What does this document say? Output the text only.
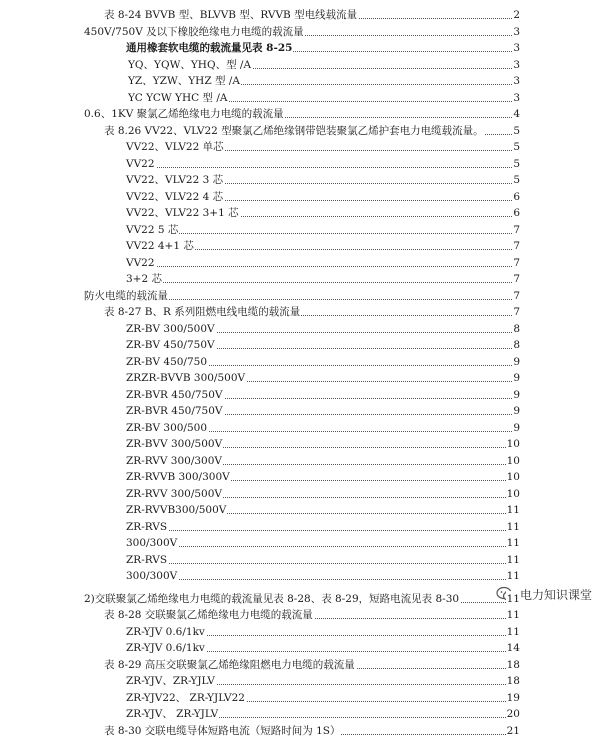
表 8-24 BVVB 型、BLVVB 型、RVVB 型电线载流量	2
450V/750V 及以下橡胶绝缘电力电缆的载流量	3
通用橡套软电缆的载流量见表 8-25	3
YQ、YQW、YHQ、型 /A	3
YZ、YZW、YHZ 型 /A	3
YC YCW YHC 型 /A	3
0.6、1KV 聚氯乙烯绝缘电力电缆的载流量	4
表 8.26 VV22、VLV22 型聚氯乙烯绝缘钢带铠装聚氯乙烯护套电力电缆载流量。	5
VV22、VLV22 单芯	5
VV22	5
VV22、VLV22 3 芯	5
VV22、VLV22 4 芯	6
VV22、VLV22 3+1 芯	6
VV22 5 芯	7
VV22 4+1 芯	7
VV22	7
3+2 芯	7
防火电缆的载流量	7
表 8-27 B、R 系列阻燃电线电缆的载流量	7
ZR-BV 300/500V	8
ZR-BV 450/750V	8
ZR-BV 450/750	9
ZRZR-BVVB 300/500V	9
ZR-BVR 450/750V	9
ZR-BVR 450/750V	9
ZR-BV 300/500	9
ZR-BVV 300/500V	10
ZR-RVV 300/300V	10
ZR-RVVB 300/300V	10
ZR-RVV 300/500V	10
ZR-RVVB300/500V	11
ZR-RVS	11
300/300V	11
ZR-RVS	11
300/300V	11
2)交联聚氯乙烯绝缘电力电缆的载流量见表 8-28、表 8-29，短路电流见表 8-30	11
表 8-28 交联聚氯乙烯绝缘电力电缆的载流量	11
ZR-YJV 0.6/1kv	11
ZR-YJV 0.6/1kv	14
表 8-29 高压交联聚氯乙烯绝缘阻燃电力电缆的载流量	18
ZR-YJV、ZR-YJLV	18
ZR-YJV22、 ZR-YJLV22	19
ZR-YJV、 ZR-YJLV	20
表 8-30 交联电缆导体短路电流（短路时间为 1S）	21
电力知识课堂
